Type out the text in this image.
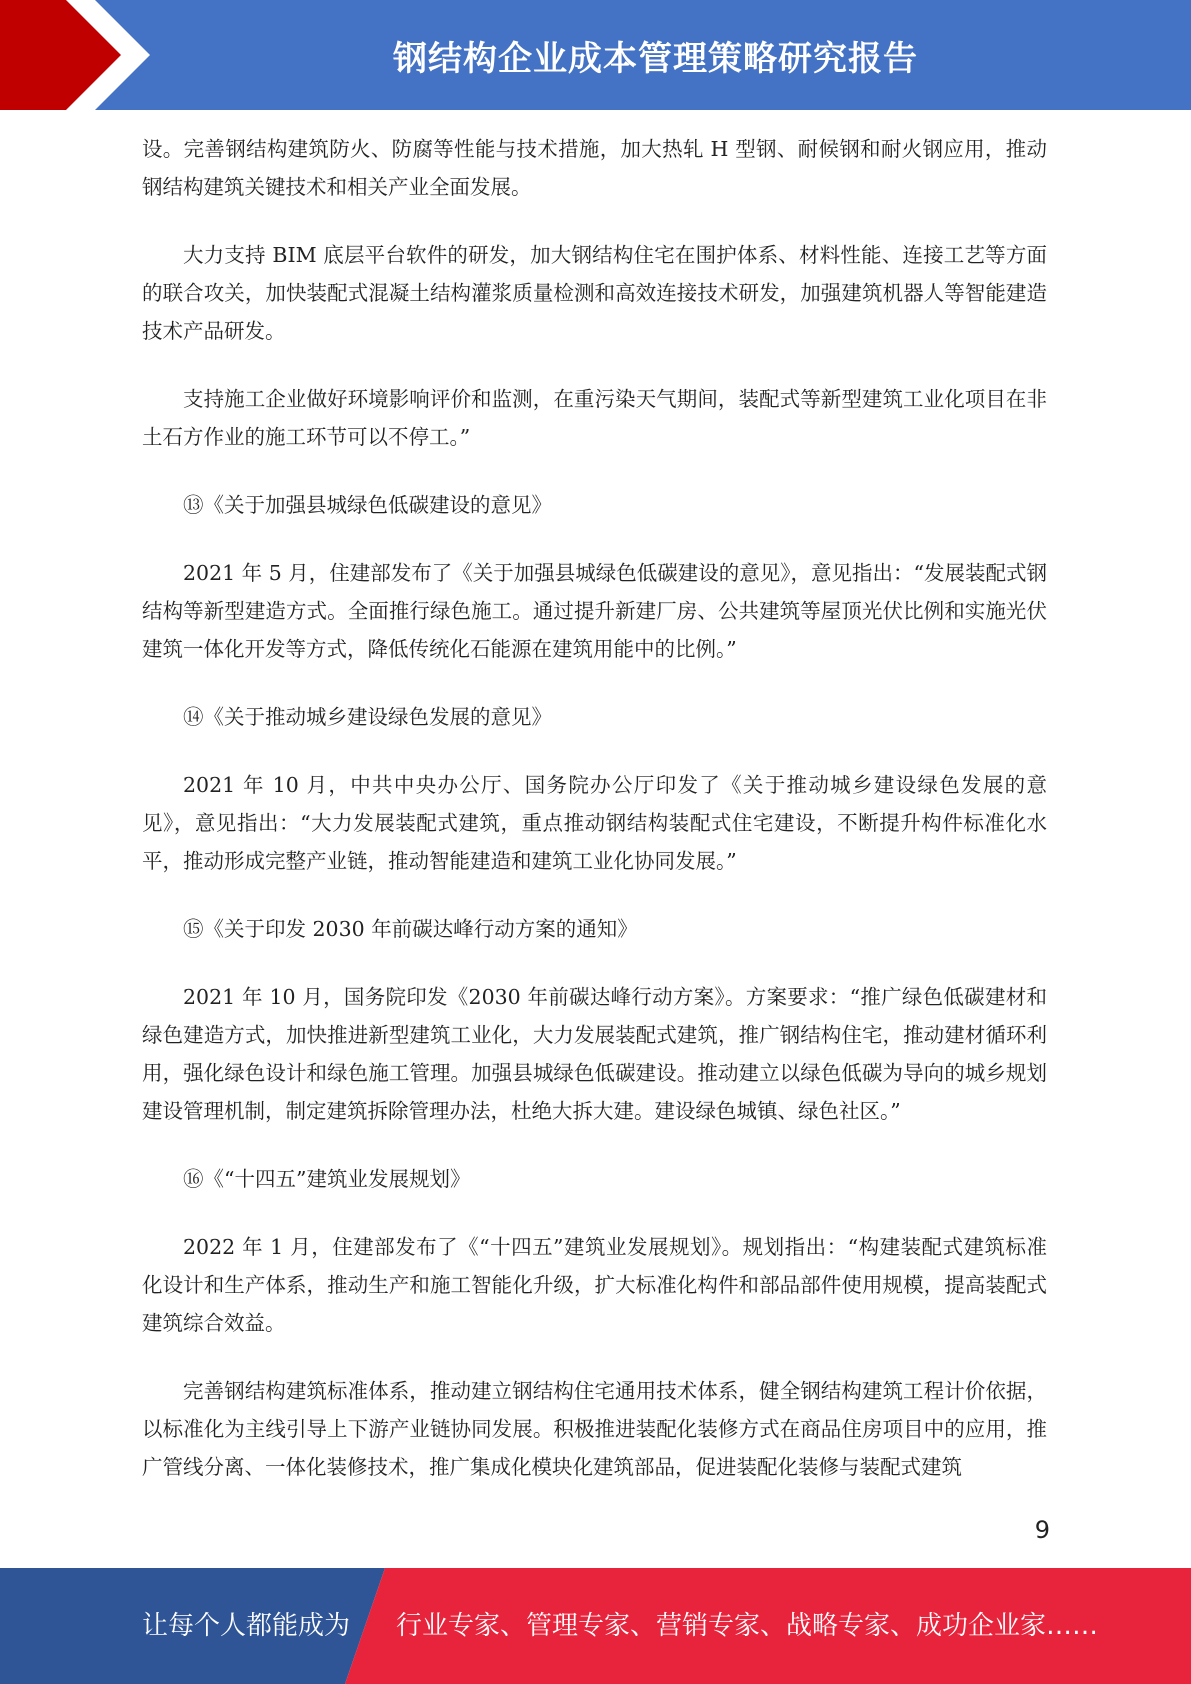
钢结构企业成本管理策略研究报告

设。完善钢结构建筑防火、防腐等性能与技术措施，加大热轧 H 型钢、耐候钢和耐火钢应用，推动钢结构建筑关键技术和相关产业全面发展。

大力支持 BIM 底层平台软件的研发，加大钢结构住宅在围护体系、材料性能、连接工艺等方面的联合攻关，加快装配式混凝土结构灌浆质量检测和高效连接技术研发，加强建筑机器人等智能建造技术产品研发。

支持施工企业做好环境影响评价和监测，在重污染天气期间，装配式等新型建筑工业化项目在非土石方作业的施工环节可以不停工。”

⑬《关于加强县城绿色低碳建设的意见》

2021 年 5 月，住建部发布了《关于加强县城绿色低碳建设的意见》，意见指出：“发展装配式钢结构等新型建造方式。全面推行绿色施工。通过提升新建厂房、公共建筑等屋顶光伏比例和实施光伏建筑一体化开发等方式，降低传统化石能源在建筑用能中的比例。”

⑭《关于推动城乡建设绿色发展的意见》

2021 年 10 月，中共中央办公厅、国务院办公厅印发了《关于推动城乡建设绿色发展的意见》，意见指出：“大力发展装配式建筑，重点推动钢结构装配式住宅建设，不断提升构件标准化水平，推动形成完整产业链，推动智能建造和建筑工业化协同发展。”

⑮《关于印发 2030 年前碳达峰行动方案的通知》

2021 年 10 月，国务院印发《2030 年前碳达峰行动方案》。方案要求：“推广绿色低碳建材和绿色建造方式，加快推进新型建筑工业化，大力发展装配式建筑，推广钢结构住宅，推动建材循环利用，强化绿色设计和绿色施工管理。加强县城绿色低碳建设。推动建立以绿色低碳为导向的城乡规划建设管理机制，制定建筑拆除管理办法，杜绝大拆大建。建设绿色城镇、绿色社区。”

⑯《“十四五”建筑业发展规划》

2022 年 1 月，住建部发布了《“十四五”建筑业发展规划》。规划指出：“构建装配式建筑标准化设计和生产体系，推动生产和施工智能化升级，扩大标准化构件和部品部件使用规模，提高装配式建筑综合效益。

完善钢结构建筑标准体系，推动建立钢结构住宅通用技术体系，健全钢结构建筑工程计价依据，以标准化为主线引导上下游产业链协同发展。积极推进装配化装修方式在商品住房项目中的应用，推广管线分离、一体化装修技术，推广集成化模块化建筑部品，促进装配化装修与装配式建筑

9
让每个人都能成为 行业专家、管理专家、营销专家、战略专家、成功企业家……
